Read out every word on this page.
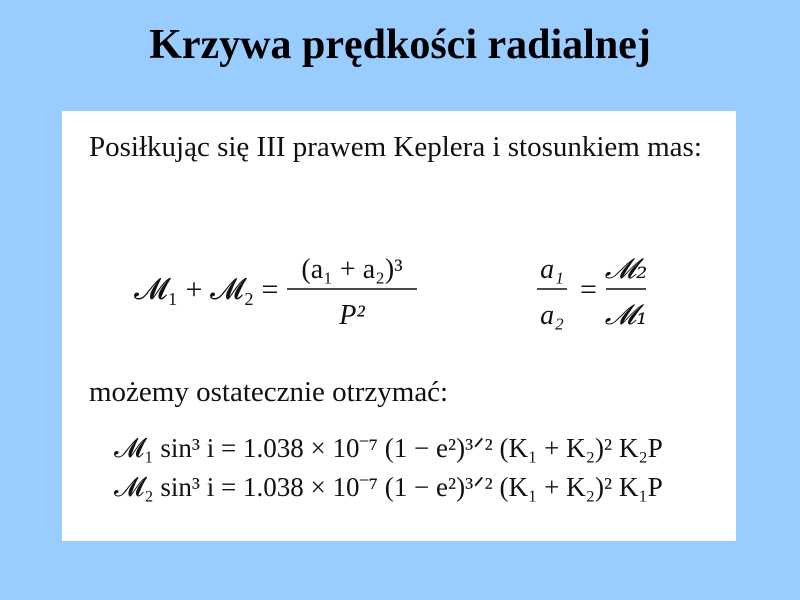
Krzywa prędkości radialnej
Posiłkując się III prawem Keplera i stosunkiem mas:
𝓜₁ + 𝓜₂ =
(a₁ + a₂)³
P²
a₁
a₂
=
𝓜₂
𝓜₁
𝓜₁ sin³ i = 1.038 × 10⁻⁷ (1 − e²)³ᐟ² (K₁ + K₂)² K₂P
𝓜₂ sin³ i = 1.038 × 10⁻⁷ (1 − e²)³ᐟ² (K₁ + K₂)² K₁P
możemy ostatecznie otrzymać:
